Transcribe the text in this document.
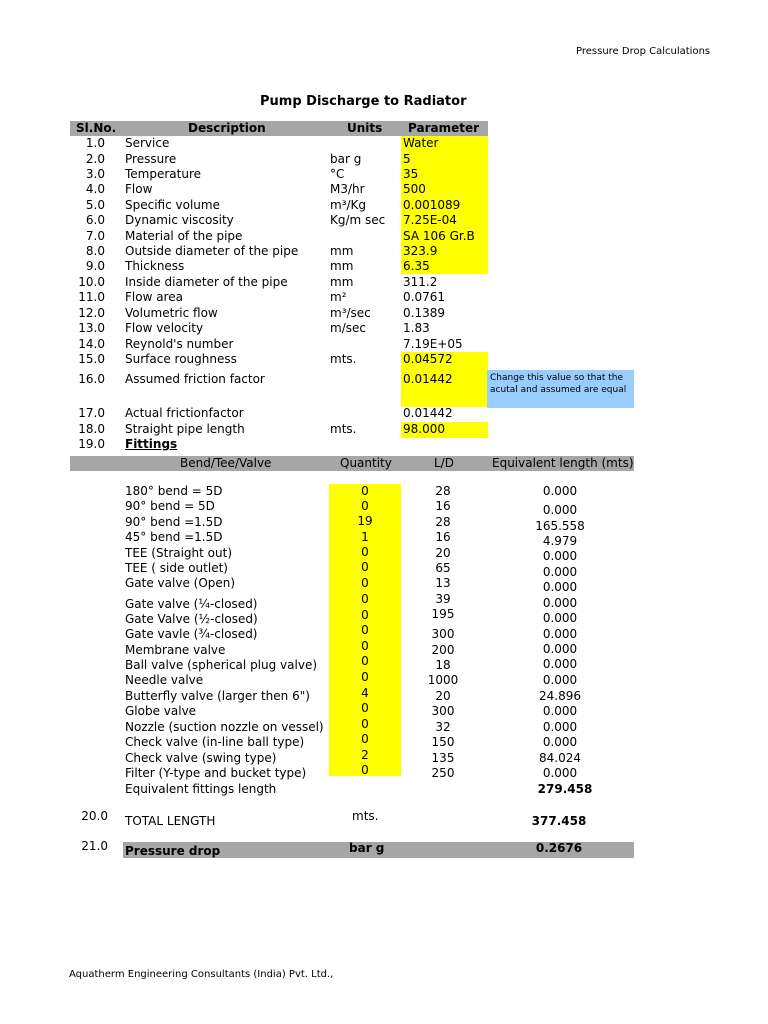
Pressure Drop Calculations
Pump Discharge to Radiator
Sl.No.	Description	Units Parameter
Change this value so that the acutal and assumed are equal
1.0 Service	Water
2.0 Pressure	bar g	5
3.0 Temperature	°C	35
4.0 Flow	M3/hr	500
5.0 Specific volume	m³/Kg	0.001089
6.0 Dynamic viscosity	Kg/m sec 7.25E-04
7.0 Material of the pipe	SA 106 Gr.B
8.0 Outside diameter of the pipe	mm	323.9
9.0 Thickness	mm	6.35
10.0 Inside diameter of the pipe	mm	311.2
11.0 Flow area	m²	0.0761
12.0 Volumetric flow	m³/sec	0.1389
13.0 Flow velocity	m/sec	1.83
14.0 Reynold's number	7.19E+05
15.0 Surface roughness	mts.	0.04572
16.0 Assumed friction factor	0.01442
17.0 Actual frictionfactor	0.01442
18.0 Straight pipe length	mts.	98.000
19.0 Fittings
Bend/Tee/Valve	Quantity	L/D	Equivalent length (mts)
180° bend = 5D	0	28	0.000
90° bend = 5D	0	16	0.000
90° bend =1.5D	19	28	165.558
45° bend =1.5D	1	16	4.979
TEE (Straight out)	0	20	0.000
TEE ( side outlet)	0	65	0.000
Gate valve (Open)	0	13	0.000
Gate valve (¼-closed)	0	39	0.000
Gate Valve (½-closed)	0	195	0.000
Gate vavle (¾-closed)	0	300	0.000
Membrane valve	0	200	0.000
Ball valve (spherical plug valve)	0	18	0.000
Needle valve	0	1000	0.000
Butterfly valve (larger then 6")	4	20	24.896
Globe valve	0	300	0.000
Nozzle (suction nozzle on vessel)	0	32	0.000
Check valve (in-line ball type)	0	150	0.000
Check valve (swing type)	2	135	84.024
Filter (Y-type and bucket type)	0	250	0.000
Equivalent fittings length	279.458
20.0 TOTAL LENGTH	mts.	377.458
21.0 Pressure drop	bar g	0.2676
Aquatherm Engineering Consultants (India) Pvt. Ltd.,
